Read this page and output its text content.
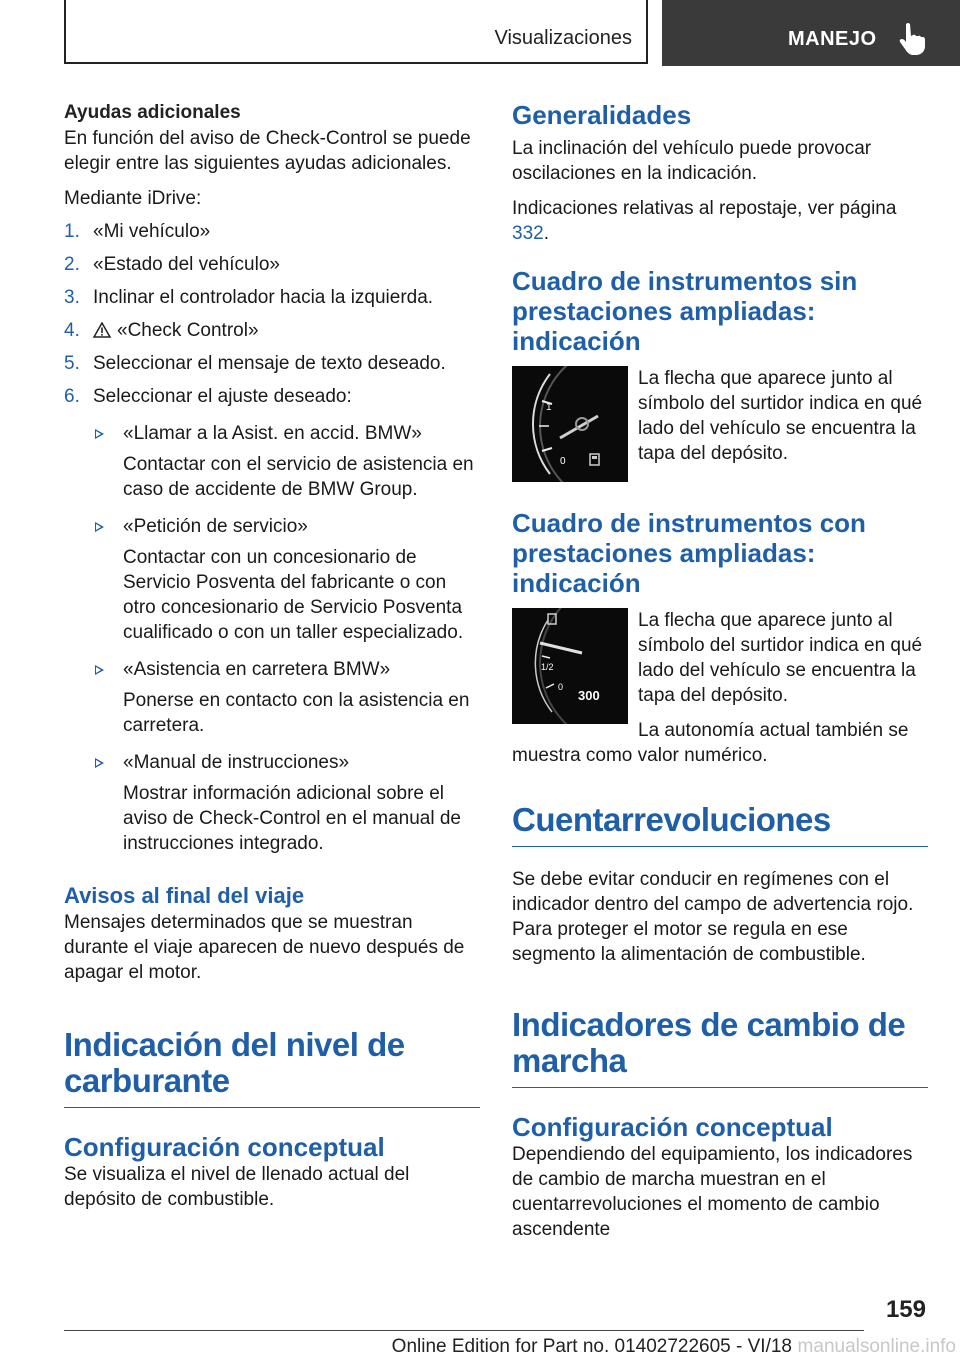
Visualizaciones	MANEJO
Ayudas adicionales

En función del aviso de Check-Control se puede elegir entre las siguientes ayudas adicionales.

Mediante iDrive:

1. «Mi vehículo»
2. «Estado del vehículo»
3. Inclinar el controlador hacia la izquierda.
4. «Check Control»
5. Seleccionar el mensaje de texto deseado.
6. Seleccionar el ajuste deseado:
«Llamar a la Asist. en accid. BMW»
Contactar con el servicio de asistencia en caso de accidente de BMW Group.
«Petición de servicio»
Contactar con un concesionario de Servicio Posventa del fabricante o con otro concesionario de Servicio Posventa cualificado o con un taller especializado.
«Asistencia en carretera BMW»
Ponerse en contacto con la asistencia en carretera.
«Manual de instrucciones»
Mostrar información adicional sobre el aviso de Check-Control en el manual de instrucciones integrado.
Avisos al final del viaje

Mensajes determinados que se muestran durante el viaje aparecen de nuevo después de apagar el motor.

Indicación del nivel de carburante
Configuración conceptual

Se visualiza el nivel de llenado actual del depósito de combustible.

Generalidades

La inclinación del vehículo puede provocar oscilaciones en la indicación.

Indicaciones relativas al repostaje, ver página 332.

Cuadro de instrumentos sin prestaciones ampliadas: indicación
1
0

La flecha que aparece junto al símbolo del surtidor indica en qué lado del vehículo se encuentra la tapa del depósito.

Cuadro de instrumentos con prestaciones ampliadas: indicación
1/2
0
300

La flecha que aparece junto al símbolo del surtidor indica en qué lado del vehículo se encuentra la tapa del depósito.

La autonomía actual también se muestra como valor numérico.

Cuentarrevoluciones

Se debe evitar conducir en regímenes con el indicador dentro del campo de advertencia rojo. Para proteger el motor se regula en ese segmento la alimentación de combustible.

Indicadores de cambio de marcha
Configuración conceptual

Dependiendo del equipamiento, los indicadores de cambio de marcha muestran en el cuentarrevoluciones el momento de cambio ascendente

159
Online Edition for Part no. 01402722605 - VI/18 manualsonline.info
